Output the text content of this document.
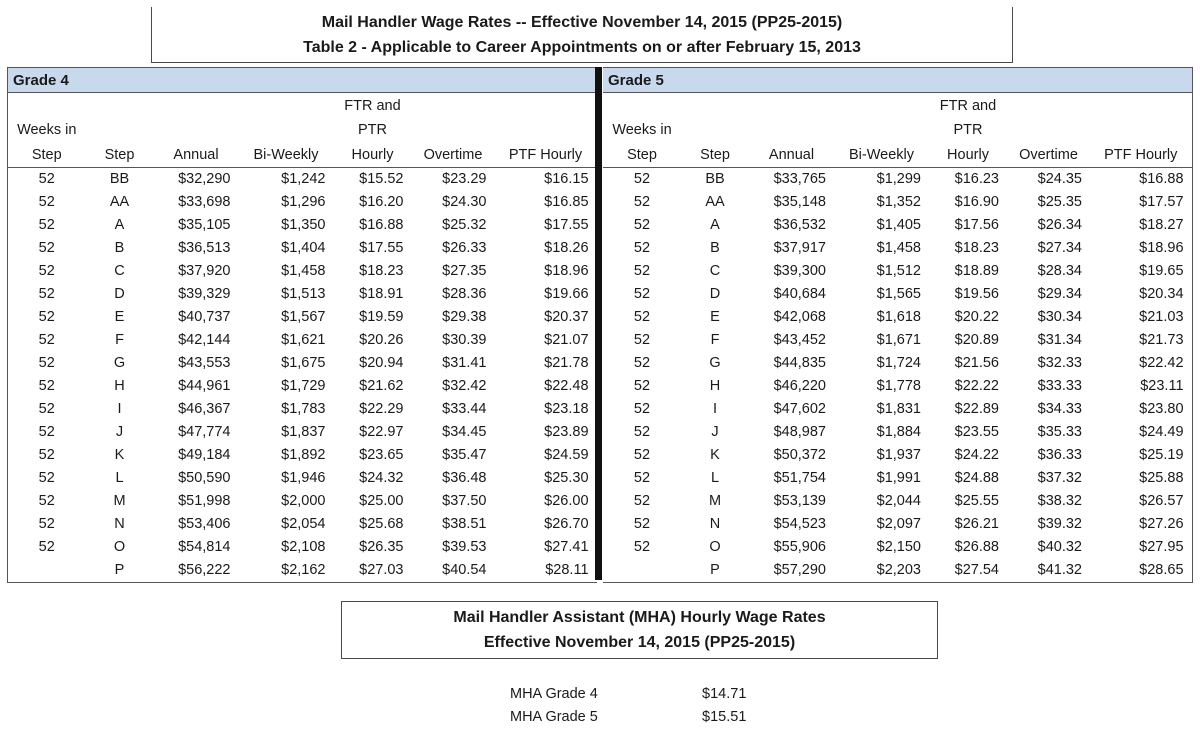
Mail Handler Wage Rates -- Effective November 14, 2015 (PP25-2015)
Table 2 - Applicable to Career Appointments on or after February 15, 2013
Grade 4						
				FTR and		
Weeks in				PTR		
Step	Step	Annual	Bi-Weekly	Hourly	Overtime	PTF Hourly
52	BB	$32,290	$1,242	$15.52	$23.29	$16.15
52	AA	$33,698	$1,296	$16.20	$24.30	$16.85
52	A	$35,105	$1,350	$16.88	$25.32	$17.55
52	B	$36,513	$1,404	$17.55	$26.33	$18.26
52	C	$37,920	$1,458	$18.23	$27.35	$18.96
52	D	$39,329	$1,513	$18.91	$28.36	$19.66
52	E	$40,737	$1,567	$19.59	$29.38	$20.37
52	F	$42,144	$1,621	$20.26	$30.39	$21.07
52	G	$43,553	$1,675	$20.94	$31.41	$21.78
52	H	$44,961	$1,729	$21.62	$32.42	$22.48
52	I	$46,367	$1,783	$22.29	$33.44	$23.18
52	J	$47,774	$1,837	$22.97	$34.45	$23.89
52	K	$49,184	$1,892	$23.65	$35.47	$24.59
52	L	$50,590	$1,946	$24.32	$36.48	$25.30
52	M	$51,998	$2,000	$25.00	$37.50	$26.00
52	N	$53,406	$2,054	$25.68	$38.51	$26.70
52	O	$54,814	$2,108	$26.35	$39.53	$27.41
	P	$56,222	$2,162	$27.03	$40.54	$28.11
Grade 5						
				FTR and		
Weeks in				PTR		
Step	Step	Annual	Bi-Weekly	Hourly	Overtime	PTF Hourly
52	BB	$33,765	$1,299	$16.23	$24.35	$16.88
52	AA	$35,148	$1,352	$16.90	$25.35	$17.57
52	A	$36,532	$1,405	$17.56	$26.34	$18.27
52	B	$37,917	$1,458	$18.23	$27.34	$18.96
52	C	$39,300	$1,512	$18.89	$28.34	$19.65
52	D	$40,684	$1,565	$19.56	$29.34	$20.34
52	E	$42,068	$1,618	$20.22	$30.34	$21.03
52	F	$43,452	$1,671	$20.89	$31.34	$21.73
52	G	$44,835	$1,724	$21.56	$32.33	$22.42
52	H	$46,220	$1,778	$22.22	$33.33	$23.11
52	I	$47,602	$1,831	$22.89	$34.33	$23.80
52	J	$48,987	$1,884	$23.55	$35.33	$24.49
52	K	$50,372	$1,937	$24.22	$36.33	$25.19
52	L	$51,754	$1,991	$24.88	$37.32	$25.88
52	M	$53,139	$2,044	$25.55	$38.32	$26.57
52	N	$54,523	$2,097	$26.21	$39.32	$27.26
52	O	$55,906	$2,150	$26.88	$40.32	$27.95
	P	$57,290	$2,203	$27.54	$41.32	$28.65
Mail Handler Assistant (MHA) Hourly Wage Rates
Effective November 14, 2015 (PP25-2015)
MHA Grade 4	$14.71
MHA Grade 5	$15.51
